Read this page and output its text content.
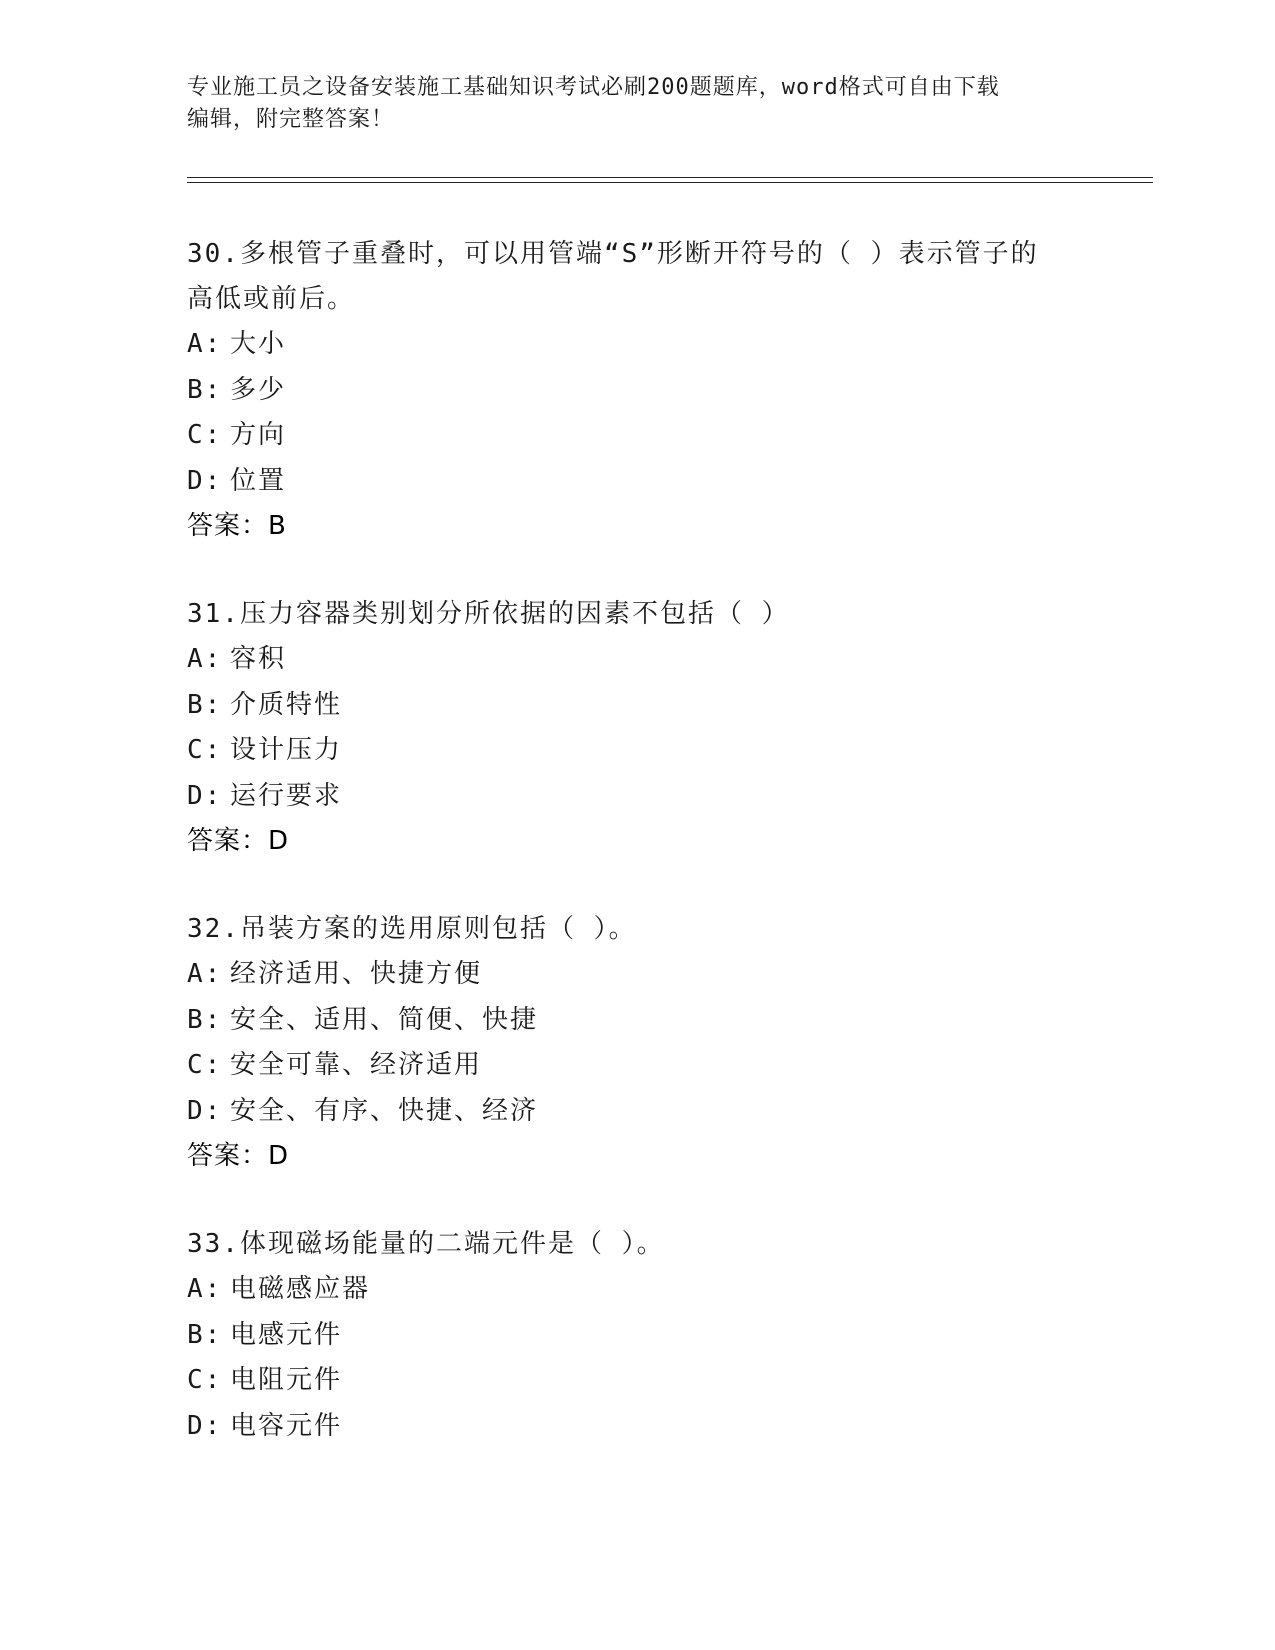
专业施工员之设备安装施工基础知识考试必刷200题题库，word格式可自由下载
编辑，附完整答案！
30.多根管子重叠时，可以用管端“S”形断开符号的（ ）表示管子的
高低或前后。
A: 大小
B: 多少
C: 方向
D: 位置
答案：B
31.压力容器类别划分所依据的因素不包括（ ）
A: 容积
B: 介质特性
C: 设计压力
D: 运行要求
答案：D
32.吊装方案的选用原则包括（ ）。
A: 经济适用、快捷方便
B: 安全、适用、简便、快捷
C: 安全可靠、经济适用
D: 安全、有序、快捷、经济
答案：D
33.体现磁场能量的二端元件是（ ）。
A: 电磁感应器
B: 电感元件
C: 电阻元件
D: 电容元件
